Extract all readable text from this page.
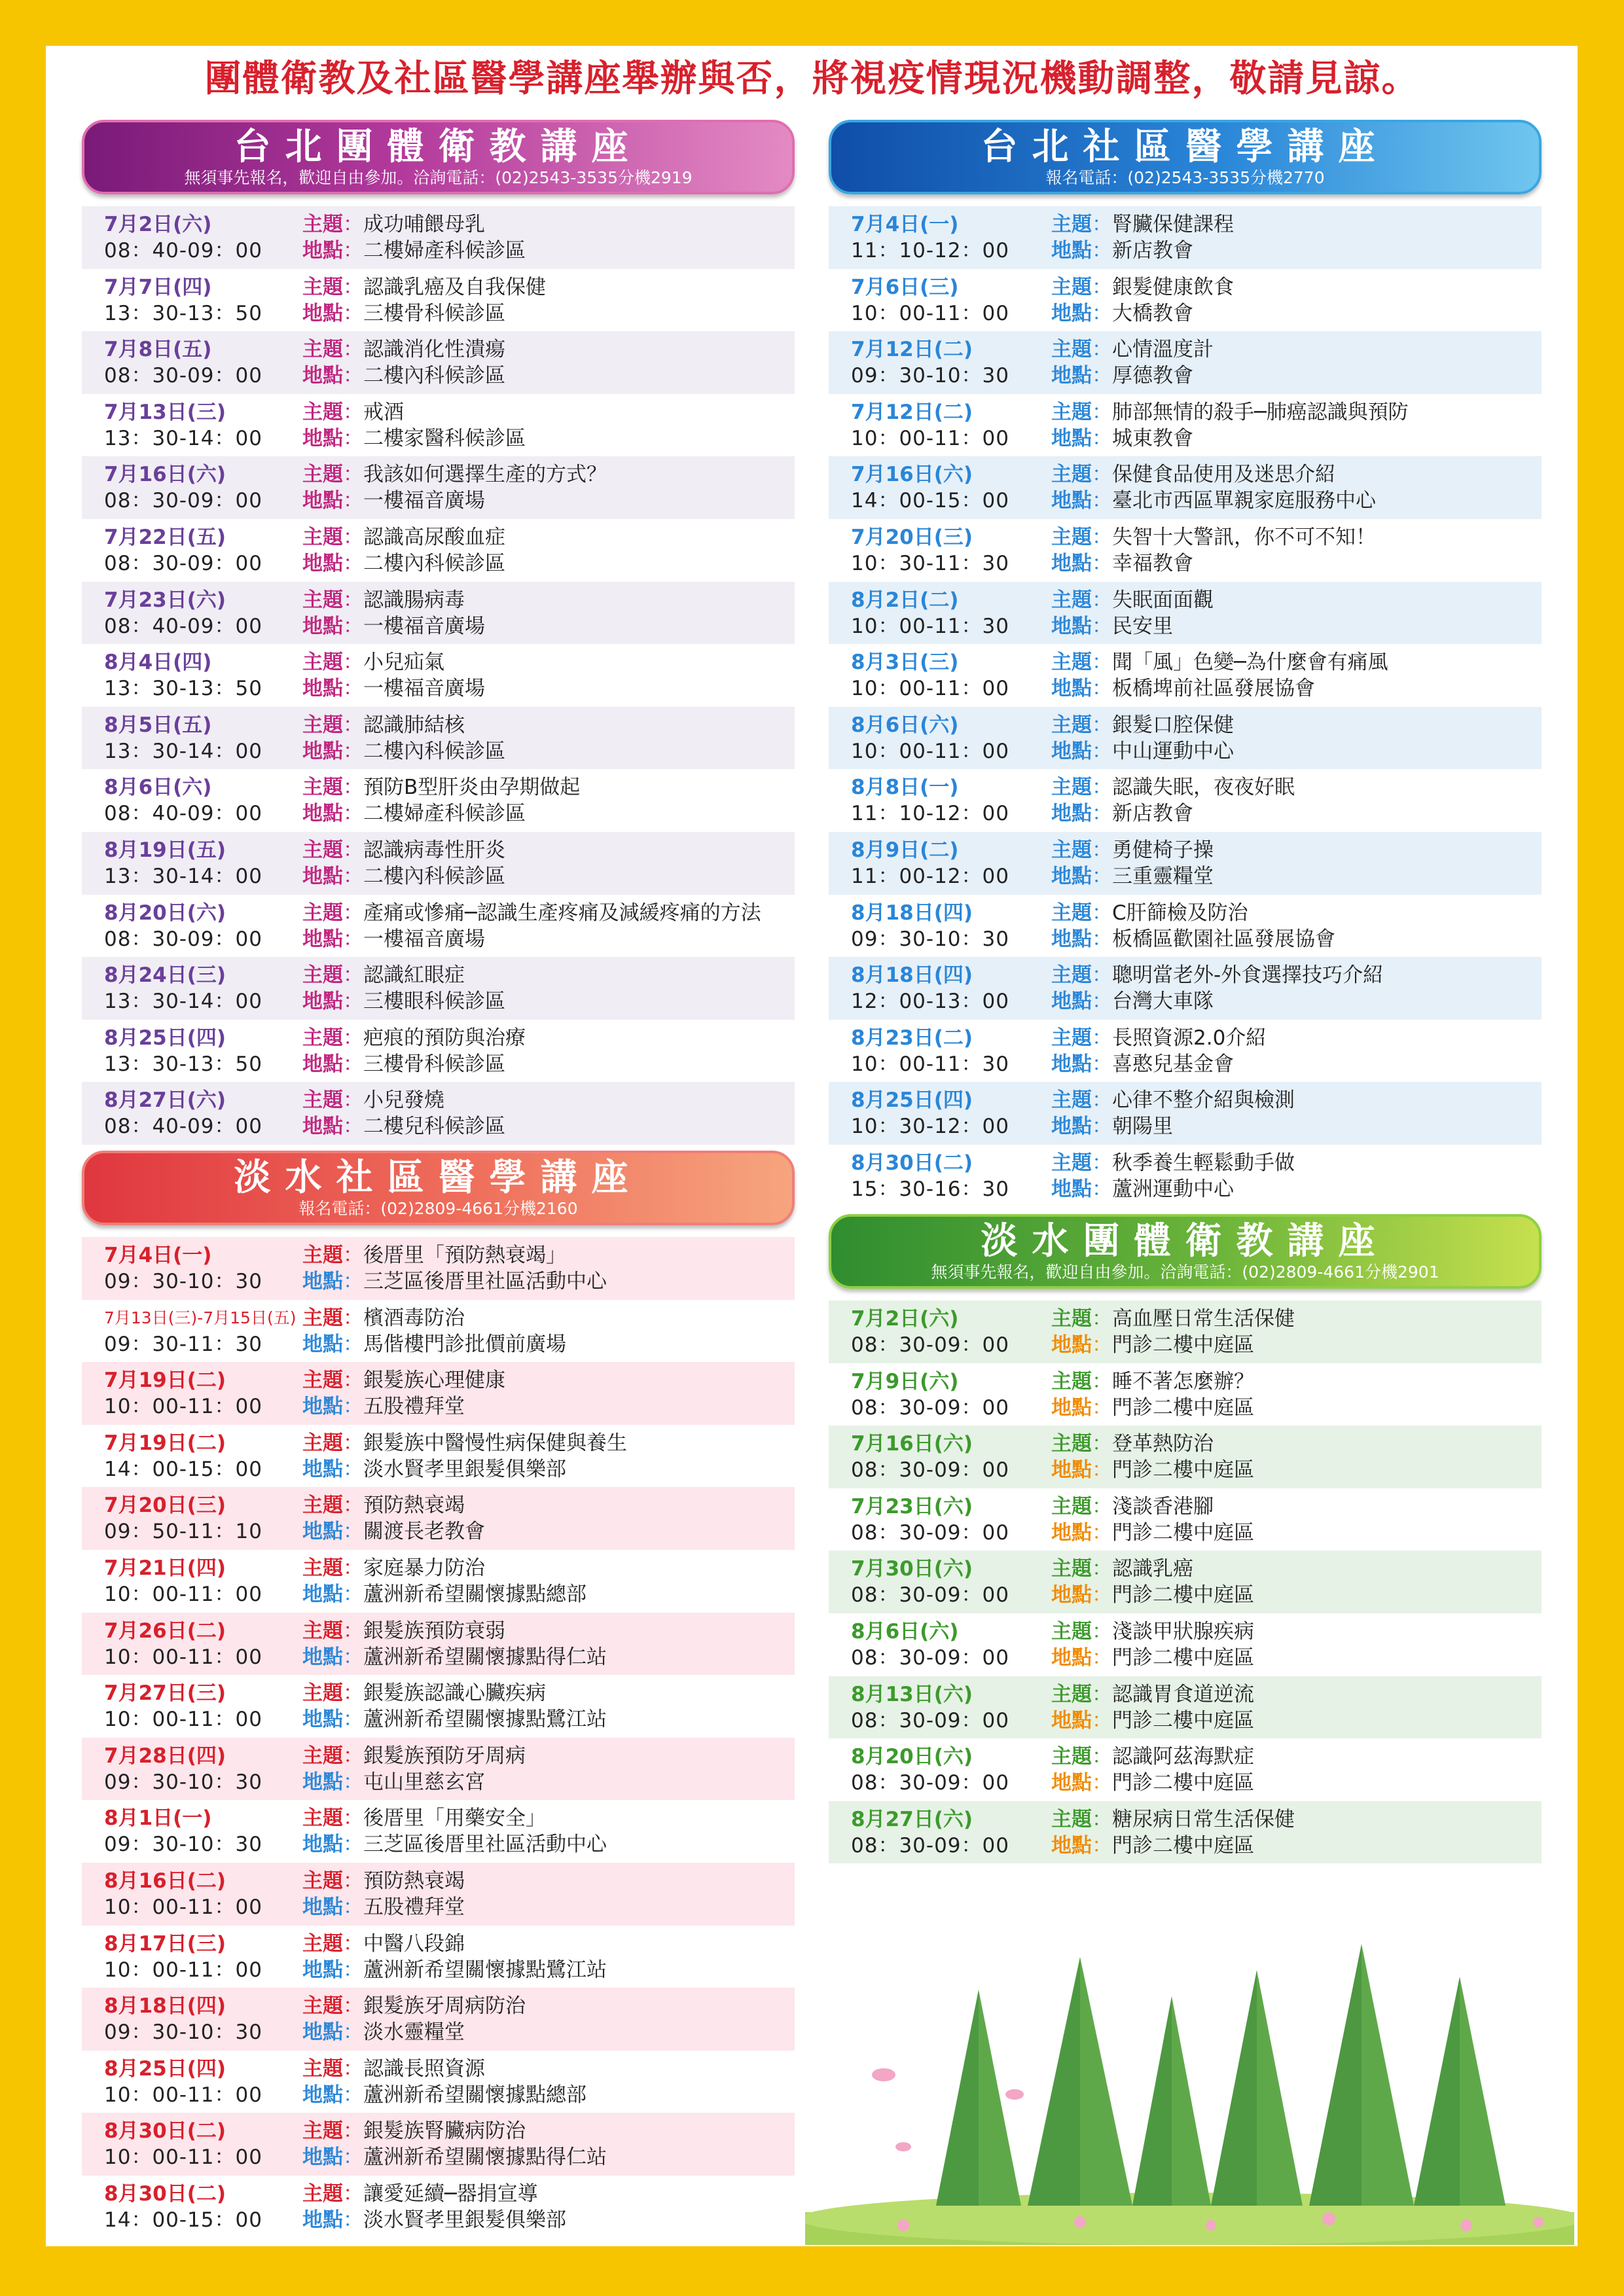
團體衛教及社區醫學講座舉辦與否，將視疫情現況機動調整，敬請見諒。
台北團體衛教講座
無須事先報名，歡迎自由參加。洽詢電話：(02)2543-3535分機2919
7月2日(六)
08：40-09：00
主題：成功哺餵母乳
地點：二樓婦產科候診區
7月7日(四)
13：30-13：50
主題：認識乳癌及自我保健
地點：三樓骨科候診區
7月8日(五)
08：30-09：00
主題：認識消化性潰瘍
地點：二樓內科候診區
7月13日(三)
13：30-14：00
主題：戒酒
地點：二樓家醫科候診區
7月16日(六)
08：30-09：00
主題：我該如何選擇生產的方式？
地點：一樓福音廣場
7月22日(五)
08：30-09：00
主題：認識高尿酸血症
地點：二樓內科候診區
7月23日(六)
08：40-09：00
主題：認識腸病毒
地點：一樓福音廣場
8月4日(四)
13：30-13：50
主題：小兒疝氣
地點：一樓福音廣場
8月5日(五)
13：30-14：00
主題：認識肺結核
地點：二樓內科候診區
8月6日(六)
08：40-09：00
主題：預防B型肝炎由孕期做起
地點：二樓婦產科候診區
8月19日(五)
13：30-14：00
主題：認識病毒性肝炎
地點：二樓內科候診區
8月20日(六)
08：30-09：00
主題：產痛或慘痛─認識生產疼痛及減緩疼痛的方法
地點：一樓福音廣場
8月24日(三)
13：30-14：00
主題：認識紅眼症
地點：三樓眼科候診區
8月25日(四)
13：30-13：50
主題：疤痕的預防與治療
地點：三樓骨科候診區
8月27日(六)
08：40-09：00
主題：小兒發燒
地點：二樓兒科候診區
台北社區醫學講座
報名電話：(02)2543-3535分機2770
7月4日(一)
11：10-12：00
主題：腎臟保健課程
地點：新店教會
7月6日(三)
10：00-11：00
主題：銀髮健康飲食
地點：大橋教會
7月12日(二)
09：30-10：30
主題：心情溫度計
地點：厚德教會
7月12日(二)
10：00-11：00
主題：肺部無情的殺手─肺癌認識與預防
地點：城東教會
7月16日(六)
14：00-15：00
主題：保健食品使用及迷思介紹
地點：臺北市西區單親家庭服務中心
7月20日(三)
10：30-11：30
主題：失智十大警訊，你不可不知！
地點：幸福教會
8月2日(二)
10：00-11：30
主題：失眠面面觀
地點：民安里
8月3日(三)
10：00-11：00
主題：聞「風」色變─為什麼會有痛風
地點：板橋埤前社區發展協會
8月6日(六)
10：00-11：00
主題：銀髮口腔保健
地點：中山運動中心
8月8日(一)
11：10-12：00
主題：認識失眠，夜夜好眠
地點：新店教會
8月9日(二)
11：00-12：00
主題：勇健椅子操
地點：三重靈糧堂
8月18日(四)
09：30-10：30
主題：C肝篩檢及防治
地點：板橋區歡園社區發展協會
8月18日(四)
12：00-13：00
主題：聰明當老外-外食選擇技巧介紹
地點：台灣大車隊
8月23日(二)
10：00-11：30
主題：長照資源2.0介紹
地點：喜憨兒基金會
8月25日(四)
10：30-12：00
主題：心律不整介紹與檢測
地點：朝陽里
8月30日(二)
15：30-16：30
主題：秋季養生輕鬆動手做
地點：蘆洲運動中心
淡水社區醫學講座
報名電話：(02)2809-4661分機2160
7月4日(一)
09：30-10：30
主題：後厝里「預防熱衰竭」
地點：三芝區後厝里社區活動中心
7月13日(三)-7月15日(五)
09：30-11：30
主題：檳酒毒防治
地點：馬偕樓門診批價前廣場
7月19日(二)
10：00-11：00
主題：銀髮族心理健康
地點：五股禮拜堂
7月19日(二)
14：00-15：00
主題：銀髮族中醫慢性病保健與養生
地點：淡水賢孝里銀髮俱樂部
7月20日(三)
09：50-11：10
主題：預防熱衰竭
地點：關渡長老教會
7月21日(四)
10：00-11：00
主題：家庭暴力防治
地點：蘆洲新希望關懷據點總部
7月26日(二)
10：00-11：00
主題：銀髮族預防衰弱
地點：蘆洲新希望關懷據點得仁站
7月27日(三)
10：00-11：00
主題：銀髮族認識心臟疾病
地點：蘆洲新希望關懷據點鷺江站
7月28日(四)
09：30-10：30
主題：銀髮族預防牙周病
地點：屯山里慈玄宮
8月1日(一)
09：30-10：30
主題：後厝里「用藥安全」
地點：三芝區後厝里社區活動中心
8月16日(二)
10：00-11：00
主題：預防熱衰竭
地點：五股禮拜堂
8月17日(三)
10：00-11：00
主題：中醫八段錦
地點：蘆洲新希望關懷據點鷺江站
8月18日(四)
09：30-10：30
主題：銀髮族牙周病防治
地點：淡水靈糧堂
8月25日(四)
10：00-11：00
主題：認識長照資源
地點：蘆洲新希望關懷據點總部
8月30日(二)
10：00-11：00
主題：銀髮族腎臟病防治
地點：蘆洲新希望關懷據點得仁站
8月30日(二)
14：00-15：00
主題：讓愛延續─器捐宣導
地點：淡水賢孝里銀髮俱樂部
淡水團體衛教講座
無須事先報名，歡迎自由參加。洽詢電話：(02)2809-4661分機2901
7月2日(六)
08：30-09：00
主題：高血壓日常生活保健
地點：門診二樓中庭區
7月9日(六)
08：30-09：00
主題：睡不著怎麼辦？
地點：門診二樓中庭區
7月16日(六)
08：30-09：00
主題：登革熱防治
地點：門診二樓中庭區
7月23日(六)
08：30-09：00
主題：淺談香港腳
地點：門診二樓中庭區
7月30日(六)
08：30-09：00
主題：認識乳癌
地點：門診二樓中庭區
8月6日(六)
08：30-09：00
主題：淺談甲狀腺疾病
地點：門診二樓中庭區
8月13日(六)
08：30-09：00
主題：認識胃食道逆流
地點：門診二樓中庭區
8月20日(六)
08：30-09：00
主題：認識阿茲海默症
地點：門診二樓中庭區
8月27日(六)
08：30-09：00
主題：糖尿病日常生活保健
地點：門診二樓中庭區
